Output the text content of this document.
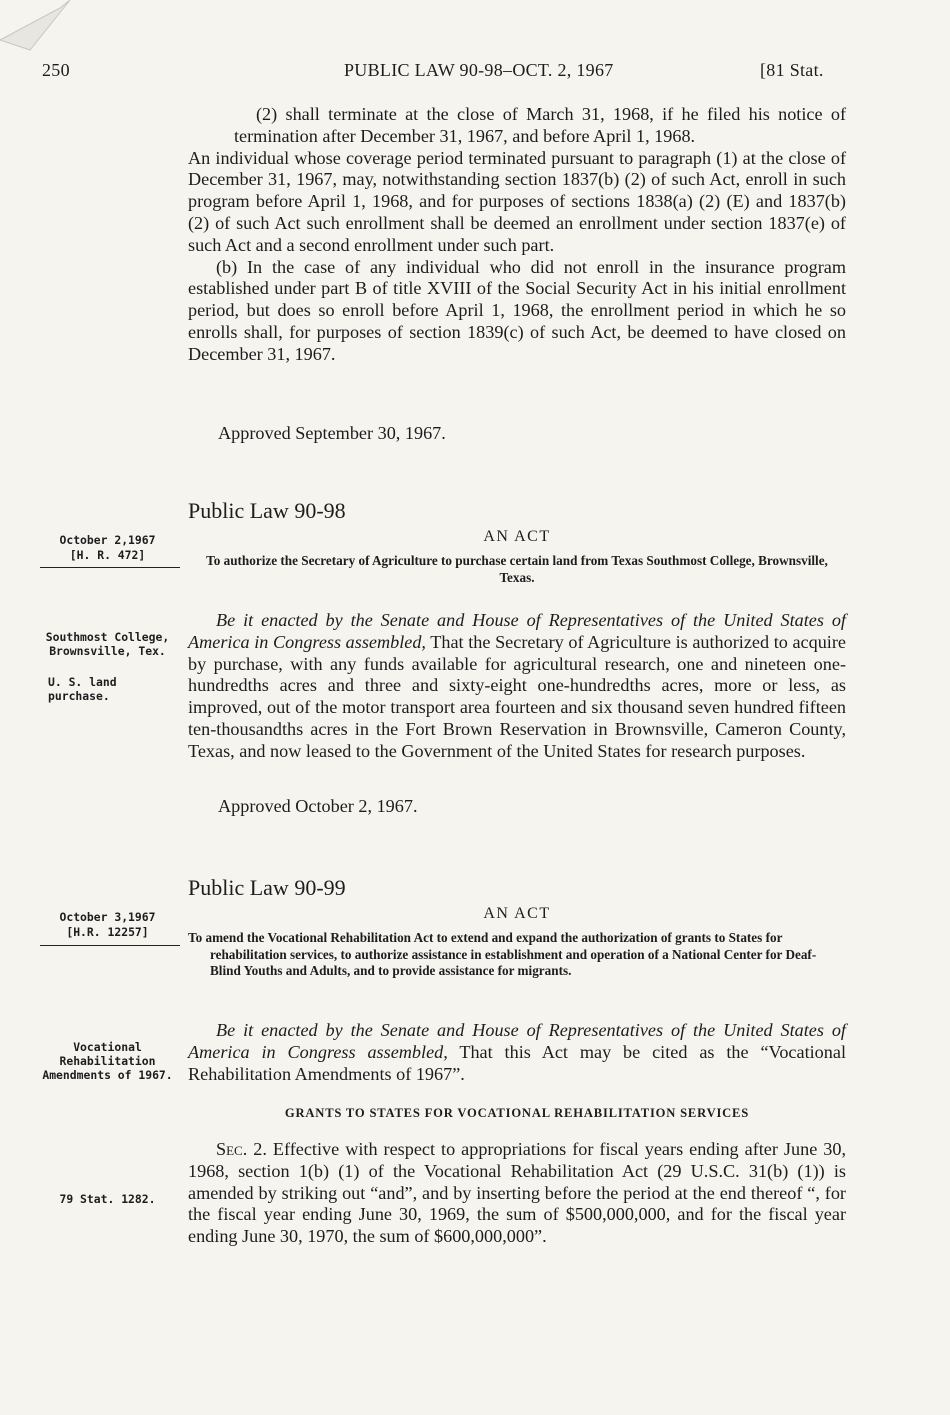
250	PUBLIC LAW 90-98–OCT. 2, 1967	[81 Stat.

(2) shall terminate at the close of March 31, 1968, if he filed his notice of termination after December 31, 1967, and before April 1, 1968.

An individual whose coverage period terminated pursuant to paragraph (1) at the close of December 31, 1967, may, notwithstanding section 1837(b) (2) of such Act, enroll in such program before April 1, 1968, and for purposes of sections 1838(a) (2) (E) and 1837(b) (2) of such Act such enrollment shall be deemed an enrollment under section 1837(e) of such Act and a second enrollment under such part.

(b) In the case of any individual who did not enroll in the insurance program established under part B of title XVIII of the Social Security Act in his initial enrollment period, but does so enroll before April 1, 1968, the enrollment period in which he so enrolls shall, for purposes of section 1839(c) of such Act, be deemed to have closed on December 31, 1967.

Approved September 30, 1967.
Public Law 90-98
October 2,1967
[H. R. 472]
AN ACT
To authorize the Secretary of Agriculture to purchase certain land from Texas Southmost College, Brownsville, Texas.
Southmost College, Brownsville, Tex.
U. S. land purchase.

Be it enacted by the Senate and House of Representatives of the United States of America in Congress assembled, That the Secretary of Agriculture is authorized to acquire by purchase, with any funds available for agricultural research, one and nineteen one-hundredths acres and three and sixty-eight one-hundredths acres, more or less, as improved, out of the motor transport area fourteen and six thousand seven hundred fifteen ten-thousandths acres in the Fort Brown Reservation in Brownsville, Cameron County, Texas, and now leased to the Government of the United States for research purposes.

Approved October 2, 1967.
Public Law 90-99
October 3,1967
[H.R. 12257]
AN ACT
To amend the Vocational Rehabilitation Act to extend and expand the authorization of grants to States for rehabilitation services, to authorize assistance in establishment and operation of a National Center for Deaf-Blind Youths and Adults, and to provide assistance for migrants.
Vocational Rehabilitation Amendments of 1967.

Be it enacted by the Senate and House of Representatives of the United States of America in Congress assembled, That this Act may be cited as the “Vocational Rehabilitation Amendments of 1967”.

GRANTS TO STATES FOR VOCATIONAL REHABILITATION SERVICES
79 Stat. 1282.

Sec. 2. Effective with respect to appropriations for fiscal years ending after June 30, 1968, section 1(b) (1) of the Vocational Rehabilitation Act (29 U.S.C. 31(b) (1)) is amended by striking out “and”, and by inserting before the period at the end thereof “, for the fiscal year ending June 30, 1969, the sum of $500,000,000, and for the fiscal year ending June 30, 1970, the sum of $600,000,000”.
